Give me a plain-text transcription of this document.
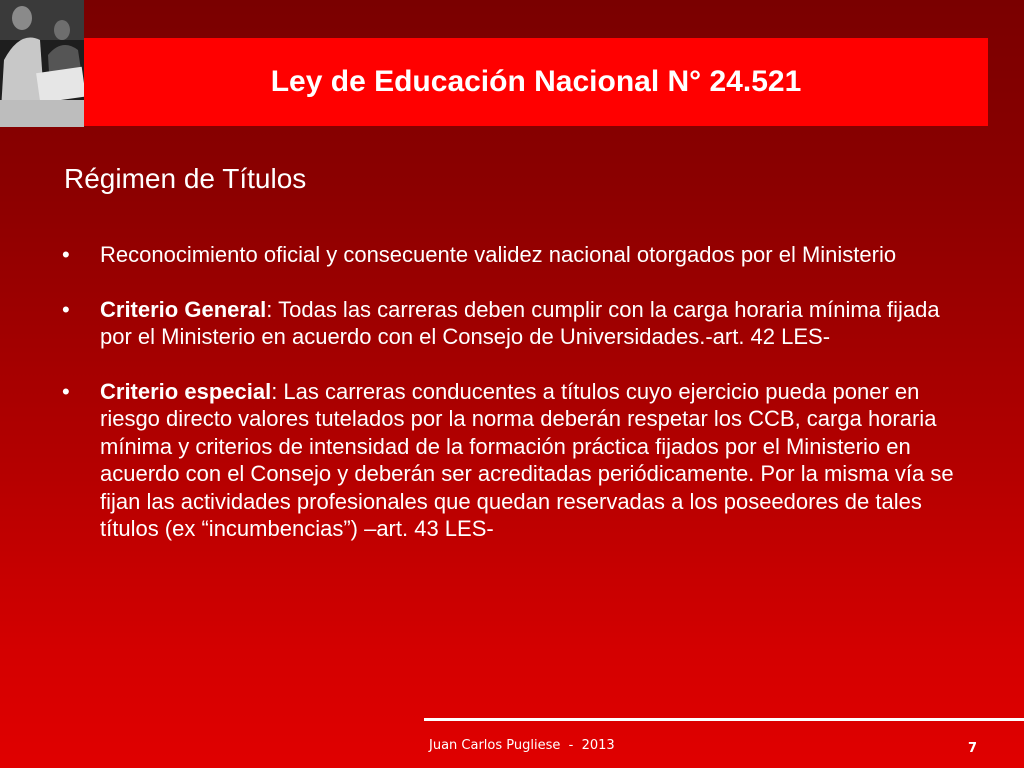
Ley de Educación Nacional N° 24.521
Régimen de Títulos
• Reconocimiento oficial y consecuente validez nacional otorgados por el Ministerio
• Criterio General: Todas las carreras deben cumplir con la carga horaria mínima fijada por el Ministerio en acuerdo con el Consejo de Universidades.-art. 42 LES-
• Criterio especial: Las carreras conducentes a títulos cuyo ejercicio pueda poner en riesgo directo valores tutelados por la norma deberán respetar los CCB, carga horaria mínima y criterios de intensidad de la formación práctica fijados por el Ministerio en acuerdo con el Consejo y deberán ser acreditadas periódicamente. Por la misma vía se fijan las actividades profesionales que quedan reservadas a los poseedores de tales títulos (ex “incumbencias”) –art. 43 LES-
Juan Carlos Pugliese  -  2013	7
